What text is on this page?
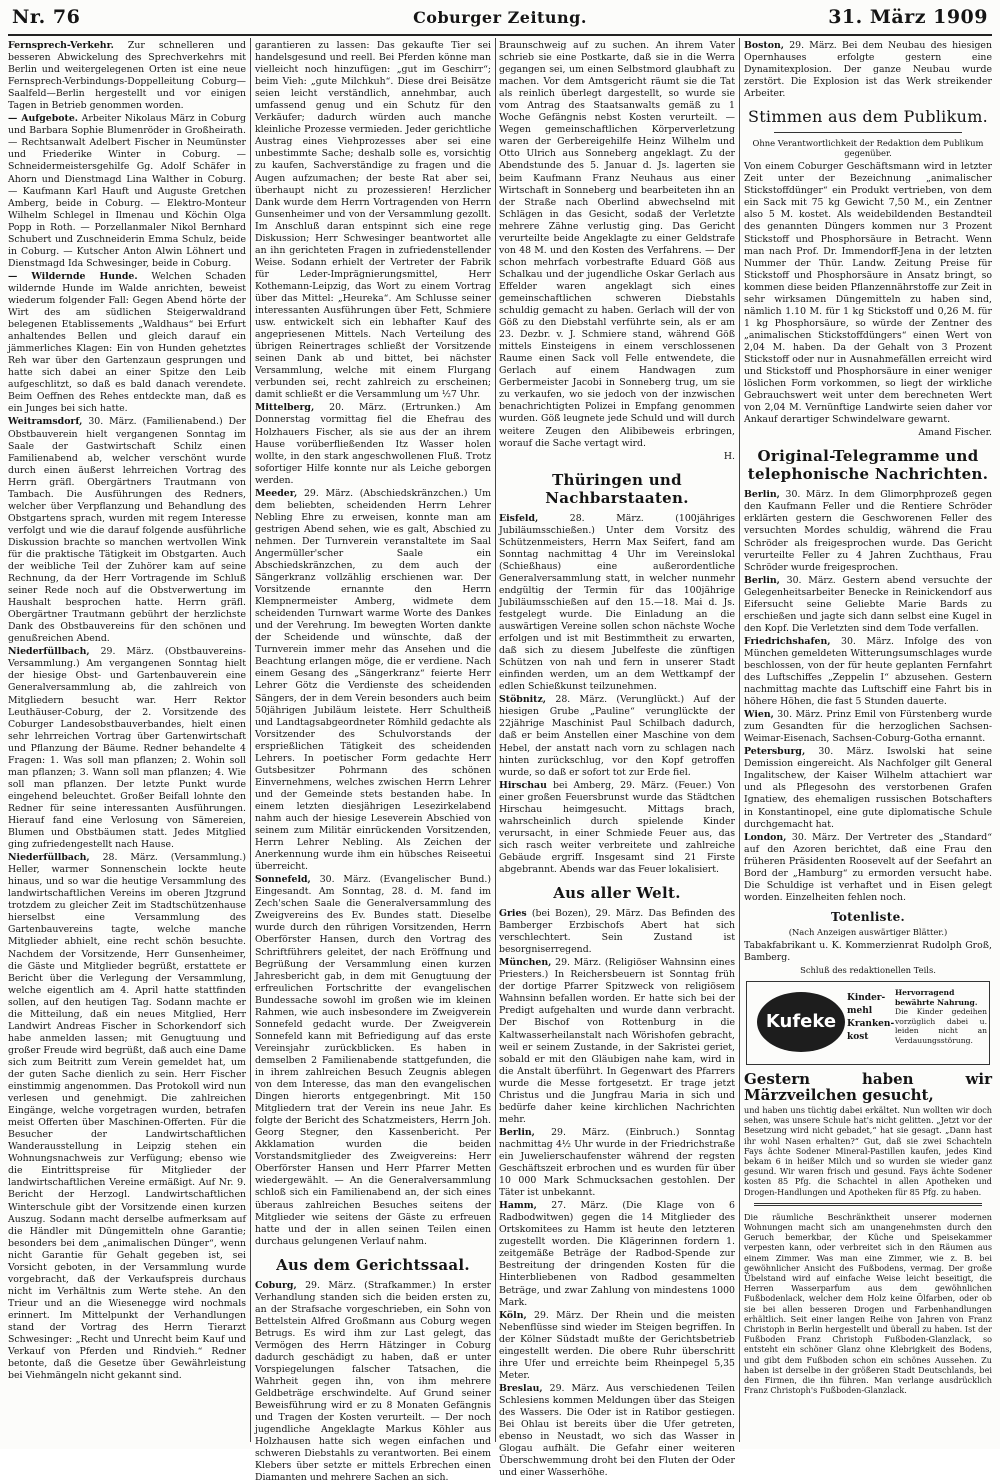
Nr. 76	Coburger Zeitung.	31. März 1909

Fernsprech-Verkehr. Zur schnelleren und besseren Abwickelung des Sprechverkehrs mit Berlin und weitergelegenen Orten ist eine neue Fernsprech-Verbindungs-Doppelleitung Coburg—Saalfeld—Berlin hergestellt und vor einigen Tagen in Betrieb genommen worden.

— Aufgebote. Arbeiter Nikolaus März in Coburg und Barbara Sophie Blumenröder in Großheirath. — Rechtsanwalt Adelbert Fischer in Neumünster und Friederike Winter in Coburg. — Schneidermeistersgehilfe Gg. Adolf Schäfer in Ahorn und Dienstmagd Lina Walther in Coburg. — Kaufmann Karl Hauft und Auguste Gretchen Amberg, beide in Coburg. — Elektro-Monteur Wilhelm Schlegel in Ilmenau und Köchin Olga Popp in Roth. — Porzellanmaler Nikol Bernhard Schubert und Zuschneiderin Emma Schulz, beide in Coburg. — Kutscher Anton Alwin Löhnert und Dienstmagd Ida Schwesinger, beide in Coburg.

— Wildernde Hunde. Welchen Schaden wildernde Hunde im Walde anrichten, beweist wiederum folgender Fall: Gegen Abend hörte der Wirt des am südlichen Steigerwaldrand belegenen Etablissements „Waldhaus“ bei Erfurt anhaltendes Bellen und gleich darauf ein jämmerliches Klagen: Ein von Hunden gehetztes Reh war über den Gartenzaun gesprungen und hatte sich dabei an einer Spitze den Leib aufgeschlitzt, so daß es bald danach verendete. Beim Oeffnen des Rehes entdeckte man, daß es ein Junges bei sich hatte.

Weitramsdorf, 30. März. (Familienabend.) Der Obstbauverein hielt vergangenen Sonntag im Saale der Gastwirtschaft Schilz einen Familienabend ab, welcher verschönt wurde durch einen äußerst lehrreichen Vortrag des Herrn gräfl. Obergärtners Trautmann von Tambach. Die Ausführungen des Redners, welcher über Verpflanzung und Behandlung des Obstgartens sprach, wurden mit regem Interesse verfolgt und wie die darauf folgende ausführliche Diskussion brachte so manchen wertvollen Wink für die praktische Tätigkeit im Obstgarten. Auch der weibliche Teil der Zuhörer kam auf seine Rechnung, da der Herr Vortragende im Schluß seiner Rede noch auf die Obstverwertung im Haushalt besprochen hatte. Herrn gräfl. Obergärtner Trautmann gebührt der herzlichste Dank des Obstbauvereins für den schönen und genußreichen Abend.

Niederfüllbach, 29. März. (Obstbauvereins-Versammlung.) Am vergangenen Sonntag hielt der hiesige Obst- und Gartenbauverein eine Generalversammlung ab, die zahlreich von Mitgliedern besucht war. Herr Rektor Leuthäuser-Coburg, der 2. Vorsitzende des Coburger Landesobstbauverbandes, hielt einen sehr lehrreichen Vortrag über Gartenwirtschaft und Pflanzung der Bäume. Redner behandelte 4 Fragen: 1. Was soll man pflanzen; 2. Wohin soll man pflanzen; 3. Wann soll man pflanzen; 4. Wie soll man pflanzen. Der letzte Punkt wurde eingehend beleuchtet. Großer Beifall lohnte den Redner für seine interessanten Ausführungen. Hierauf fand eine Verlosung von Sämereien, Blumen und Obstbäumen statt. Jedes Mitglied ging zufriedengestellt nach Hause.

Niederfüllbach, 28. März. (Versammlung.) Heller, warmer Sonnenschein lockte heute hinaus, und so war die heutige Versammlung des landwirtschaftlichen Vereins im oberen Jtzgrund trotzdem zu gleicher Zeit im Stadtschützenhause hierselbst eine Versammlung des Gartenbauvereins tagte, welche manche Mitglieder abhielt, eine recht schön besuchte. Nachdem der Vorsitzende, Herr Gunsenheimer, die Gäste und Mitglieder begrüßt, erstattete er Bericht über die Verlegung der Versammlung, welche eigentlich am 4. April hatte stattfinden sollen, auf den heutigen Tag. Sodann machte er die Mitteilung, daß ein neues Mitglied, Herr Landwirt Andreas Fischer in Schorkendorf sich habe anmelden lassen; mit Genugtuung und großer Freude wird begrüßt, daß auch eine Dame sich zum Beitritt zum Verein gemeldet hat, um der guten Sache dienlich zu sein. Herr Fischer einstimmig angenommen. Das Protokoll wird nun verlesen und genehmigt. Die zahlreichen Eingänge, welche vorgetragen wurden, betrafen meist Offerten über Maschinen-Offerten. Für die Besucher der Landwirtschaftlichen Wanderausstellung in Leipzig stehen ein Wohnungsnachweis zur Verfügung; ebenso wie die Eintrittspreise für Mitglieder der landwirtschaftlichen Vereine ermäßigt. Auf Nr. 9. Bericht der Herzogl. Landwirtschaftlichen Winterschule gibt der Vorsitzende einen kurzen Auszug. Sodann macht derselbe aufmerksam auf die Händler mit Düngemitteln ohne Garantie; besonders bei dem „animalischen Dünger“, wenn nicht Garantie für Gehalt gegeben ist, sei Vorsicht geboten, in der Versammlung wurde vorgebracht, daß der Verkaufspreis durchaus nicht im Verhältnis zum Werte stehe. An den Trieur und an die Wiesenegge wird nochmals erinnert. Im Mittelpunkt der Verhandlungen stand der Vortrag des Herrn Tierarzt Schwesinger: „Recht und Unrecht beim Kauf und Verkauf von Pferden und Rindvieh.“ Redner betonte, daß die Gesetze über Gewährleistung bei Viehmängeln nicht gekannt sind.

garantieren zu lassen: Das gekaufte Tier sei handelsgesund und reell. Bei Pferden könne man vielleicht noch hinzufügen: „gut im Geschirr“; beim Vieh: „gute Milchkuh“. Diese drei Beisätze seien leicht verständlich, annehmbar, auch umfassend genug und ein Schutz für den Verkäufer; dadurch würden auch manche kleinliche Prozesse vermieden. Jeder gerichtliche Austrag eines Viehprozesses aber sei eine unbestimmte Sache; deshalb solle es, vorsichtig zu kaufen, Sachverständige zu fragen und die Augen aufzumachen; der beste Rat aber sei, überhaupt nicht zu prozessieren! Herzlicher Dank wurde dem Herrn Vortragenden von Herrn Gunsenheimer und von der Versammlung gezollt. Im Anschluß daran entspinnt sich eine rege Diskussion; Herr Schwesinger beantwortet alle an ihn gerichteten Fragen in zufriedenstellender Weise. Sodann erhielt der Vertreter der Fabrik für Leder-Imprägnierungsmittel, Herr Kothemann-Leipzig, das Wort zu einem Vortrag über das Mittel: „Heureka“. Am Schlusse seiner interessanten Ausführungen über Fett, Schmiere usw. entwickelt sich ein lebhafter Kauf des angepriesenen Mittels. Nach Verteilung des übrigen Reinertrages schließt der Vorsitzende seinen Dank ab und bittet, bei nächster Versammlung, welche mit einem Flurgang verbunden sei, recht zahlreich zu erscheinen; damit schließt er die Versammlung um ½7 Uhr.

Mittelberg, 20. März. (Ertrunken.) Am Donnerstag vormittag fiel die Ehefrau des Holzhauers Fischer, als sie aus der an ihrem Hause vorüberfließenden Itz Wasser holen wollte, in den stark angeschwollenen Fluß. Trotz sofortiger Hilfe konnte nur als Leiche geborgen werden.

Meeder, 29. März. (Abschiedskränzchen.) Um dem beliebten, scheidenden Herrn Lehrer Nebling Ehre zu erweisen, konnte man am gestrigen Abend sehen, wie es galt, Abschied zu nehmen. Der Turnverein veranstaltete im Saal Angermüller'scher Saale ein Abschiedskränzchen, zu dem auch der Sängerkranz vollzählig erschienen war. Der Vorsitzende ernannte den Herrn Klempnermeister Amberg, widmete dem scheidenden Turnwart warme Worte des Dankes und der Verehrung. Im bewegten Worten dankte der Scheidende und wünschte, daß der Turnverein immer mehr das Ansehen und die Beachtung erlangen möge, die er verdiene. Nach einem Gesang des „Sängerkranz“ feierte Herr Lehrer Götz die Verdienste des scheidenden Sängers, der in dem Verein besonders auch beim 50jährigen Jubiläum leistete. Herr Schultheiß und Landtagsabgeordneter Römhild gedachte als Vorsitzender des Schulvorstands der ersprießlichen Tätigkeit des scheidenden Lehrers. In poetischer Form gedachte Herr Gutsbesitzer Pohrmann des schönen Einvernehmens, welches zwischen Herrn Lehrer und der Gemeinde stets bestanden habe. In einem letzten diesjährigen Lesezirkelabend nahm auch der hiesige Leseverein Abschied von seinem zum Militär einrückenden Vorsitzenden, Herrn Lehrer Nebling. Als Zeichen der Anerkennung wurde ihm ein hübsches Reiseetui überreicht.

Sonnefeld, 30. März. (Evangelischer Bund.) Eingesandt. Am Sonntag, 28. d. M. fand im Zech'schen Saale die Generalversammlung des Zweigvereins des Ev. Bundes statt. Dieselbe wurde durch den rührigen Vorsitzenden, Herrn Oberförster Hansen, durch den Vortrag des Schriftführers geleitet, der nach Eröffnung und Begrüßung der Versammlung einen kurzen Jahresbericht gab, in dem mit Genugtuung der erfreulichen Fortschritte der evangelischen Bundessache sowohl im großen wie im kleinen Rahmen, wie auch insbesondere im Zweigverein Sonnefeld gedacht wurde. Der Zweigverein Sonnefeld kann mit Befriedigung auf das erste Vereinsjahr zurückblicken. Es haben in demselben 2 Familienabende stattgefunden, die in ihrem zahlreichen Besuch Zeugnis ablegen von dem Interesse, das man den evangelischen Dingen hierorts entgegenbringt. Mit 150 Mitgliedern trat der Verein ins neue Jahr. Es folgte der Bericht des Schatzmeisters, Herrn Joh. Georg Stegner, den Kassenbericht. Per Akklamation wurden die beiden Vorstandsmitglieder des Zweigvereins: Herr Oberförster Hansen und Herr Pfarrer Metten wiedergewählt. — An die Generalversammlung schloß sich ein Familienabend an, der sich eines überaus zahlreichen Besuches seitens der Mitglieder wie seitens der Gäste zu erfreuen hatte und der in allen seinen Teilen einen durchaus gelungenen Verlauf nahm.

Aus dem Gerichtssaal.

Coburg, 29. März. (Strafkammer.) In erster Verhandlung standen sich die beiden ersten zu, an der Strafsache vorgeschrieben, ein Sohn von Bettelstein Alfred Großmann aus Coburg wegen Betrugs. Es wird ihm zur Last gelegt, das Vermögen des Herrn Hätzinger in Coburg dadurch geschädigt zu haben, daß er unter Vorspiegelungen falscher Tatsachen, die Wahrheit gegen ihn, von ihm mehrere Geldbeträge erschwindelte. Auf Grund seiner Beweisführung wird er zu 8 Monaten Gefängnis und Tragen der Kosten verurteilt. — Der noch jugendliche Angeklagte Markus Köhler aus Holzhausen hatte sich wegen einfachen und schweren Diebstahls zu verantworten. Bei einem Klebers über setzte er mittels Erbrechen einen Diamanten und mehrere Sachen an sich.

Braunschweig auf zu suchen. An ihrem Vater schrieb sie eine Postkarte, daß sie in die Werra gegangen sei, um einen Selbstmord glaubhaft zu machen. Vor dem Amtsgericht räumt sie die Tat als reinlich überlegt dargestellt, so wurde sie vom Antrag des Staatsanwalts gemäß zu 1 Woche Gefängnis nebst Kosten verurteilt. — Wegen gemeinschaftlichen Körperverletzung waren der Gerbereigehilfe Heinz Wilhelm und Otto Ulrich aus Sonneberg angeklagt. Zu der Abendstunde des 5. Januar d. Js. lagerten sie beim Kaufmann Franz Neuhaus aus einer Wirtschaft in Sonneberg und bearbeiteten ihn an der Straße nach Oberlind abwechselnd mit Schlägen in das Gesicht, sodaß der Verletzte mehrere Zähne verlustig ging. Das Gericht verurteilte beide Angeklagte zu einer Geldstrafe von 48 M. und den Kosten des Verfahrens. — Der schon mehrfach vorbestrafte Eduard Göß aus Schalkau und der jugendliche Oskar Gerlach aus Effelder waren angeklagt sich eines gemeinschaftlichen schweren Diebstahls schuldig gemacht zu haben. Gerlach will der von Göß zu den Diebstahl verführte sein, als er am 23. Dezbr. v. J. Schmiere stand, während Göß mittels Einsteigens in einem verschlossenen Raume einen Sack voll Felle entwendete, die Gerlach auf einem Handwagen zum Gerbermeister Jacobi in Sonneberg trug, um sie zu verkaufen, wo sie jedoch von der inzwischen benachrichtigten Polizei in Empfang genommen wurden. Göß leugnete jede Schuld und will durch weitere Zeugen den Alibibeweis erbringen, worauf die Sache vertagt wird.

H.
Thüringen und Nachbarstaaten.

Eisfeld,	28. März. (100jähriges Jubiläumsschießen.) Unter dem Vorsitz des Schützenmeisters, Herrn Max Seifert, fand am Sonntag nachmittag 4 Uhr im Vereinslokal (Schießhaus) eine außerordentliche Generalversammlung statt, in welcher nunmehr endgültig der Termin für das 100jährige Jubiläumsschießen auf den 15.—18. Mai d. Js. festgelegt wurde. Die Einladung an die auswärtigen Vereine sollen schon nächste Woche erfolgen und ist mit Bestimmtheit zu erwarten, daß sich zu diesem Jubelfeste die zünftigen Schützen von nah und fern in unserer Stadt einfinden werden, um an dem Wettkampf der edlen Schießkunst teilzunehmen.

Stöbnitz, 28. März. (Verunglückt.) Auf der hiesigen Grube „Pauline“ verunglückte der 22jährige Maschinist Paul Schilbach dadurch, daß er beim Anstellen einer Maschine von dem Hebel, der anstatt nach vorn zu schlagen nach hinten zurückschlug, vor den Kopf getroffen wurde, so daß er sofort tot zur Erde fiel.

Hirschau bei Amberg, 29. März. (Feuer.) Von einer großen Feuersbrunst wurde das Städtchen Hirschau heimgesucht. Mittags brach, wahrscheinlich durch spielende Kinder verursacht, in einer Schmiede Feuer aus, das sich rasch weiter verbreitete und zahlreiche Gebäude ergriff. Insgesamt sind 21 Firste abgebrannt. Abends war das Feuer lokalisiert.

Aus aller Welt.

Gries (bei Bozen), 29. März. Das Befinden des Bamberger Erzbischofs Abert hat sich verschlechtert. Sein Zustand ist besorgniserregend.

München, 29. März. (Religiöser Wahnsinn eines Priesters.) In Reichersbeuern ist Sonntag früh der dortige Pfarrer Spitzweck von religiösem Wahnsinn befallen worden. Er hatte sich bei der Predigt aufgehalten und wurde dann verbracht. Der Bischof von Rottenburg in die Kaltwasserheilanstalt nach Wörishofen gebracht, weil er seinem Zustande, in der Sakristei geriet, sobald er mit den Gläubigen nahe kam, wird in die Anstalt überführt. In Gegenwart des Pfarrers wurde die Messe fortgesetzt. Er trage jetzt Christus und die Jungfrau Maria in sich und bedürfe daher keine kirchlichen Nachrichten mehr.

Berlin, 29. März. (Einbruch.) Sonntag nachmittag 4½ Uhr wurde in der Friedrichstraße ein Juwelierschaufenster während der regsten Geschäftszeit erbrochen und es wurden für über 10 000 Mark Schmucksachen gestohlen. Der Täter ist unbekannt.

Hamm, 27. März. (Die Klage von 6 Radbodwitwen) gegen die 14 Mitglieder des Ortskomitees zu Hamm ist heute den letzteren zugestellt worden. Die Klägerinnen fordern 1. zeitgemäße Beträge der Radbod-Spende zur Bestreitung der dringenden Kosten für die Hinterbliebenen von Radbod gesammelten Beträge, und zwar Zahlung von mindestens 1000 Mark.

Köln, 29. März. Der Rhein und die meisten Nebenflüsse sind wieder im Steigen begriffen. In der Kölner Südstadt mußte der Gerichtsbetrieb eingestellt werden. Die obere Ruhr überschritt ihre Ufer und erreichte beim Rheinpegel 5,35 Meter.

Breslau, 29. März. Aus verschiedenen Teilen Schlesiens kommen Meldungen über das Steigen des Wassers. Die Oder ist in Ratibor gestiegen. Bei Ohlau ist bereits über die Ufer getreten, ebenso in Neustadt, wo sich das Wasser in Glogau aufhält. Die Gefahr einer weiteren Überschwemmung droht bei den Fluten der Oder und einer Wasserhöhe.

Boston, 29. März. Bei dem Neubau des hiesigen Opernhauses erfolgte gestern eine Dynamitexplosion. Der ganze Neubau wurde zerstört. Die Explosion ist das Werk streikender Arbeiter.

Stimmen aus dem Publikum.
Ohne Verantwortlichkeit der Redaktion dem Publikum gegenüber.

Von einem Coburger Geschäftsmann wird in letzter Zeit unter der Bezeichnung „animalischer Stickstoffdünger“ ein Produkt vertrieben, von dem ein Sack mit 75 kg Gewicht 7,50 M., ein Zentner also 5 M. kostet. Als weidebildenden Bestandteil des genannten Düngers kommen nur 3 Prozent Stickstoff und Phosphorsäure in Betracht. Wenn man nach Prof. Dr. Immendorff-Jena in der letzten Nummer der Thür. Landw. Zeitung Preise für Stickstoff und Phosphorsäure in Ansatz bringt, so kommen diese beiden Pflanzennährstoffe zur Zeit in sehr wirksamen Düngemitteln zu haben sind, nämlich 1.10 M. für 1 kg Stickstoff und 0,26 M. für 1 kg Phosphorsäure, so würde der Zentner des „animalischen Stickstoffdüngers“ einen Wert von 2,04 M. haben. Da der Gehalt von 3 Prozent Stickstoff oder nur in Ausnahmefällen erreicht wird und Stickstoff und Phosphorsäure in einer weniger löslichen Form vorkommen, so liegt der wirkliche Gebrauchswert weit unter dem berechneten Wert von 2,04 M. Vernünftige Landwirte seien daher vor Ankauf derartiger Schwindelware gewarnt.

Amand Fischer.
Original-Telegramme und telephonische Nachrichten.

Berlin, 30. März. In dem Glimorphprozeß gegen den Kaufmann Feller und die Rentiere Schröder erklärten gestern die Geschworenen Feller des versuchten Mordes schuldig, während die Frau Schröder als freigesprochen wurde. Das Gericht verurteilte Feller zu 4 Jahren Zuchthaus, Frau Schröder wurde freigesprochen.

Berlin, 30. März. Gestern abend versuchte der Gelegenheitsarbeiter Benecke in Reinickendorf aus Eifersucht seine Geliebte Marie Bards zu erschießen und jagte sich dann selbst eine Kugel in den Kopf. Die Verletzten sind dem Tode verfallen.

Friedrichshafen, 30. März. Infolge des von München gemeldeten Witterungsumschlages wurde beschlossen, von der für heute geplanten Fernfahrt des Luftschiffes „Zeppelin I“ abzusehen. Gestern nachmittag machte das Luftschiff eine Fahrt bis in höhere Höhen, die fast 5 Stunden dauerte.

Wien, 30. März. Prinz Emil von Fürstenberg wurde zum Gesandten für die herzoglichen Sachsen-Weimar-Eisenach, Sachsen-Coburg-Gotha ernannt.

Petersburg, 30. März. Iswolski hat seine Demission eingereicht. Als Nachfolger gilt General Ingalitschew, der Kaiser Wilhelm attachiert war und als Pflegesohn des verstorbenen Grafen Ignatiew, des ehemaligen russischen Botschafters in Konstantinopel, eine gute diplomatische Schule durchgemacht hat.

London, 30. März. Der Vertreter des „Standard“ auf den Azoren berichtet, daß eine Frau den früheren Präsidenten Roosevelt auf der Seefahrt an Bord der „Hamburg“ zu ermorden versucht habe. Die Schuldige ist verhaftet und in Eisen gelegt worden. Einzelheiten fehlen noch.

Totenliste.
(Nach Anzeigen auswärtiger Blätter.)

Tabakfabrikant u. K. Kommerzienrat Rudolph Groß, Bamberg.

Schluß des redaktionellen Teils.
Kufeke
Kinder-
mehl
Kranken-
kost
Hervorragend bewährte Nahrung.
Die Kinder gedeihen vorzüglich dabei u. leiden nicht an Verdauungsstörung.
Gestern haben wir Märzveilchen gesucht,
und haben uns tüchtig dabei erkältet. Nun wollten wir doch sehen, was unsere Schule hat's nicht gelitten. „Jetzt vor der Besetzung wird nicht gebadet,“ hat sie gesagt. „Dann hast ihr wohl Nasen erhalten?“ Gut, daß sie zwei Schachteln Fays ächte Sodener Mineral-Pastillen kaufen, jedes Kind bekam 6 in heißer Milch und so wurden sie wieder ganz gesund. Wir waren frisch und gesund. Fays ächte Sodener kosten 85 Pfg. die Schachtel in allen Apotheken und Drogen-Handlungen und Apotheken für 85 Pfg. zu haben.
Die räumliche Beschränktheit unserer modernen Wohnungen macht sich am unangenehmsten durch den Geruch bemerkbar, der Küche und Speisekammer verpesten kann, oder verbreitet sich in den Räumen aus einem Zimmer. Was man eine Zimmer, wie z. B. bei gewöhnlicher Ansicht des Fußbodens, vermag. Der große Übelstand wird auf einfache Weise leicht beseitigt, die Herren Wasserparfum aus dem gewöhnlichen Fußbodenlack, welcher dem Holz keine Ölfarben, oder ob sie bei allen besseren Drogen und Farbenhandlungen erhältlich. Seit einer langen Reihe von Jahren von Franz Christoph in Berlin hergestellt und überall zu haben. Ist der Fußboden Franz Christoph Fußboden-Glanzlack, so entsteht ein schöner Glanz ohne Klebrigkeit des Bodens, und gibt dem Fußboden schon ein schönes Aussehen. Zu haben ist derselbe in der größeren Stadt Deutschlands, bei den Firmen, die ihn führen. Man verlange ausdrücklich Franz Christoph's Fußboden-Glanzlack.
